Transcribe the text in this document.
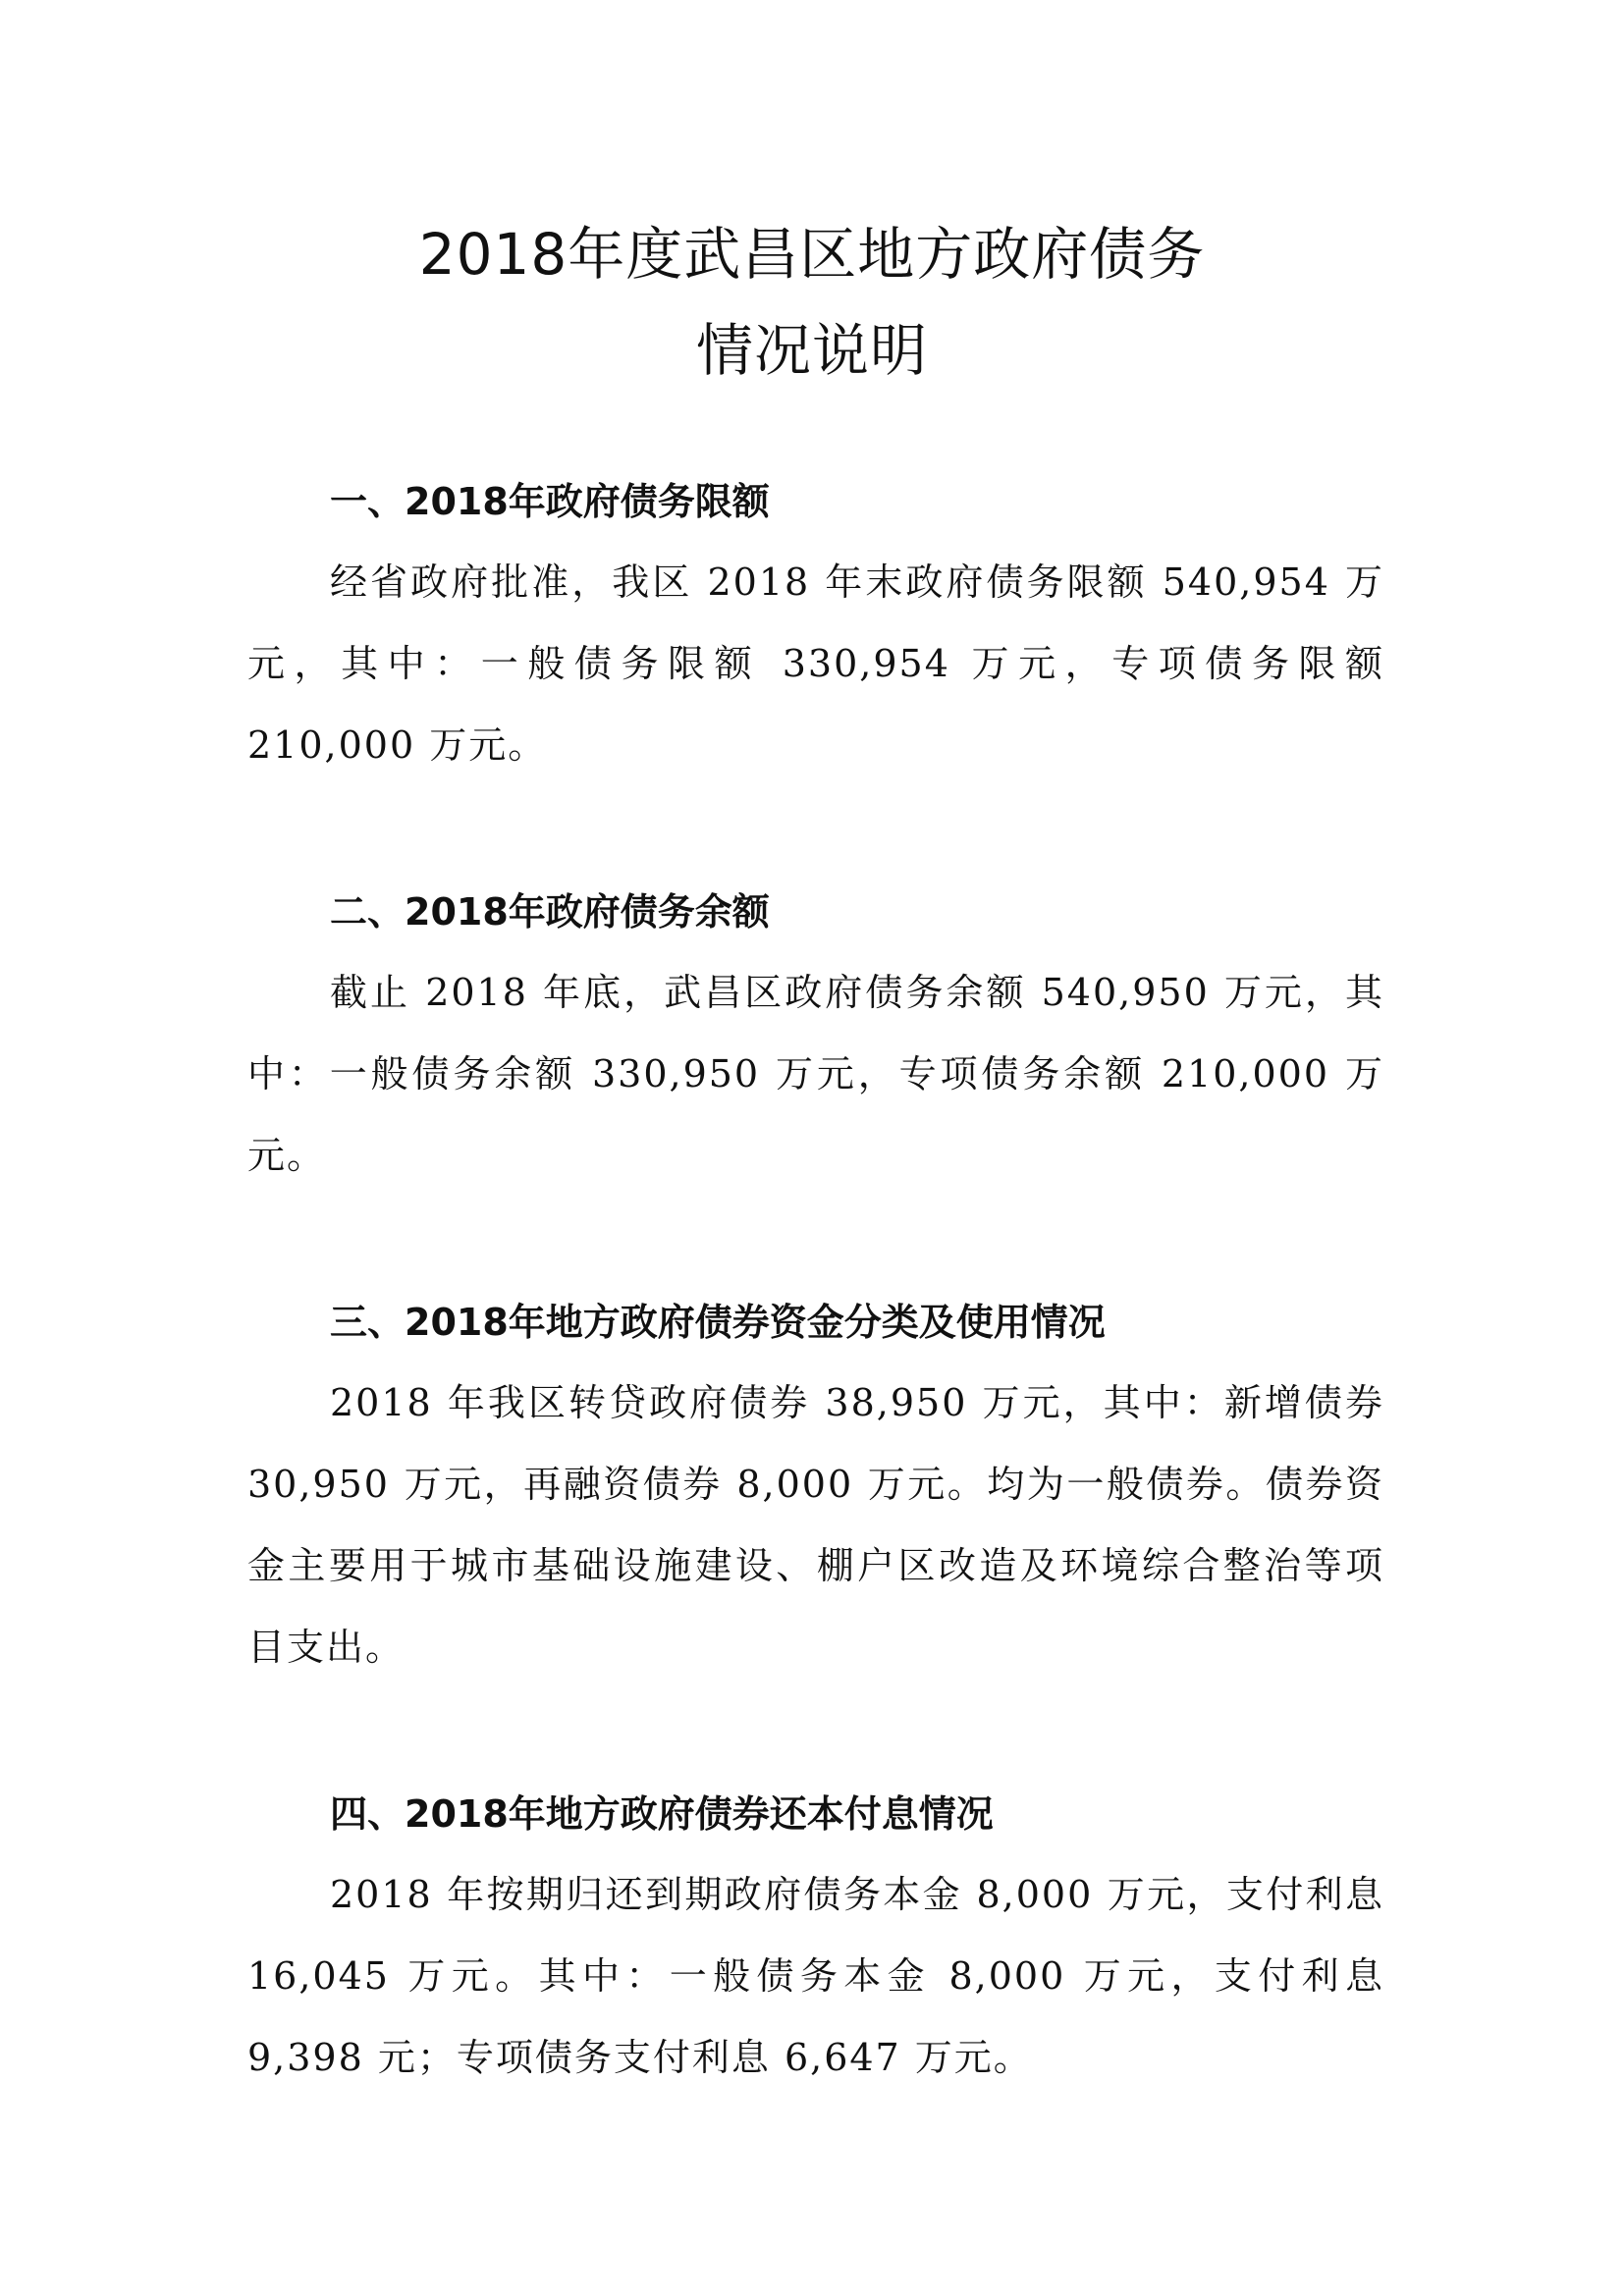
2018年度武昌区地方政府债务
情况说明
一、2018年政府债务限额
经省政府批准，我区 2018 年末政府债务限额 540,954 万元，其中：一般债务限额 330,954 万元，专项债务限额 210,000 万元。
二、2018年政府债务余额
截止 2018 年底，武昌区政府债务余额 540,950 万元，其中：一般债务余额 330,950 万元，专项债务余额 210,000 万元。
三、2018年地方政府债券资金分类及使用情况
2018 年我区转贷政府债券 38,950 万元，其中：新增债券 30,950 万元，再融资债券 8,000 万元。均为一般债券。债券资金主要用于城市基础设施建设、棚户区改造及环境综合整治等项目支出。
四、2018年地方政府债券还本付息情况
2018 年按期归还到期政府债务本金 8,000 万元，支付利息 16,045 万元。其中：一般债务本金 8,000 万元，支付利息 9,398 元；专项债务支付利息 6,647 万元。
